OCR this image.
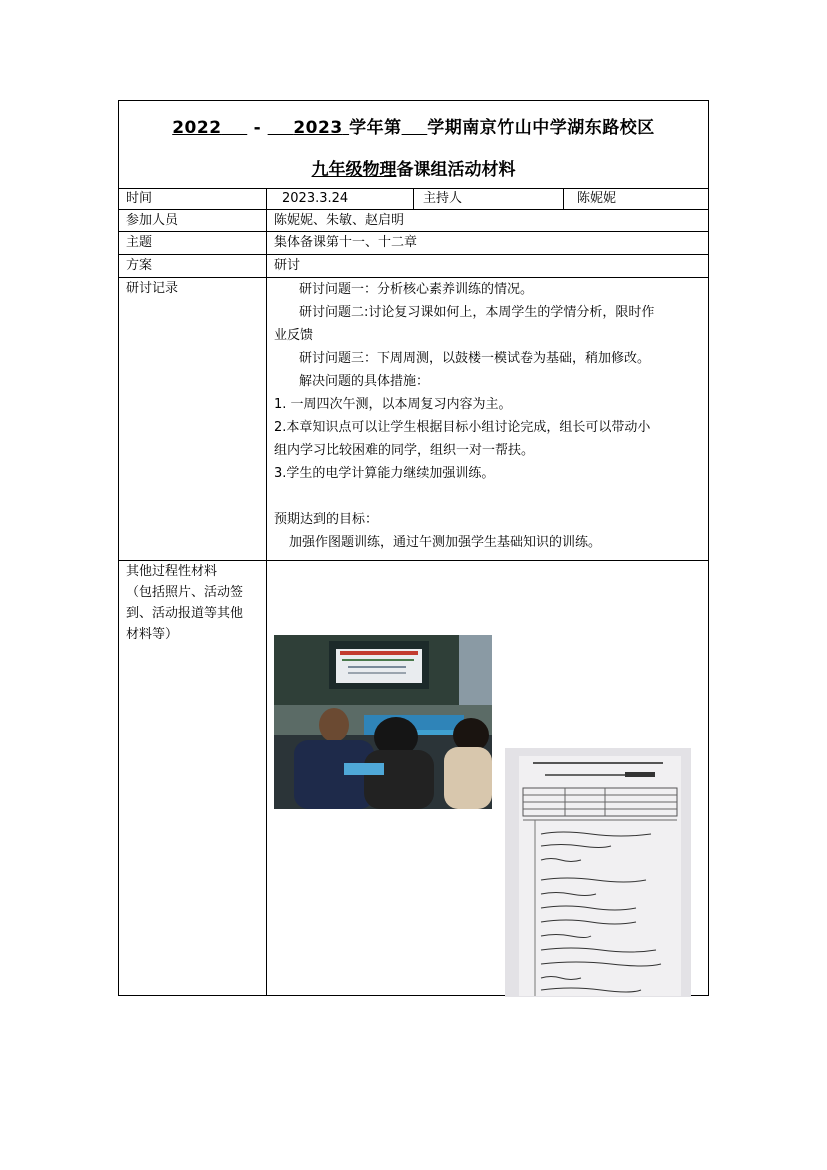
2022 - 2023 学年第 学期南京竹山中学湖东路校区
九年级物理备课组活动材料
时间	2023.3.24	主持人	陈妮妮
参加人员	陈妮妮、朱敏、赵启明
主题	集体备课第十一、十二章
方案	研讨
研讨记录	研讨问题一：分析核心素养训练的情况。
研讨问题二:讨论复习课如何上，本周学生的学情分析，限时作
业反馈
研讨问题三：下周周测，以鼓楼一模试卷为基础，稍加修改。
解决问题的具体措施：
1. 一周四次午测，以本周复习内容为主。
2.本章知识点可以让学生根据目标小组讨论完成，组长可以带动小
组内学习比较困难的同学，组织一对一帮扶。
3.学生的电学计算能力继续加强训练。
预期达到的目标：
加强作图题训练，通过午测加强学生基础知识的训练。
其他过程性材料
（包括照片、活动签
到、活动报道等其他
材料等）
